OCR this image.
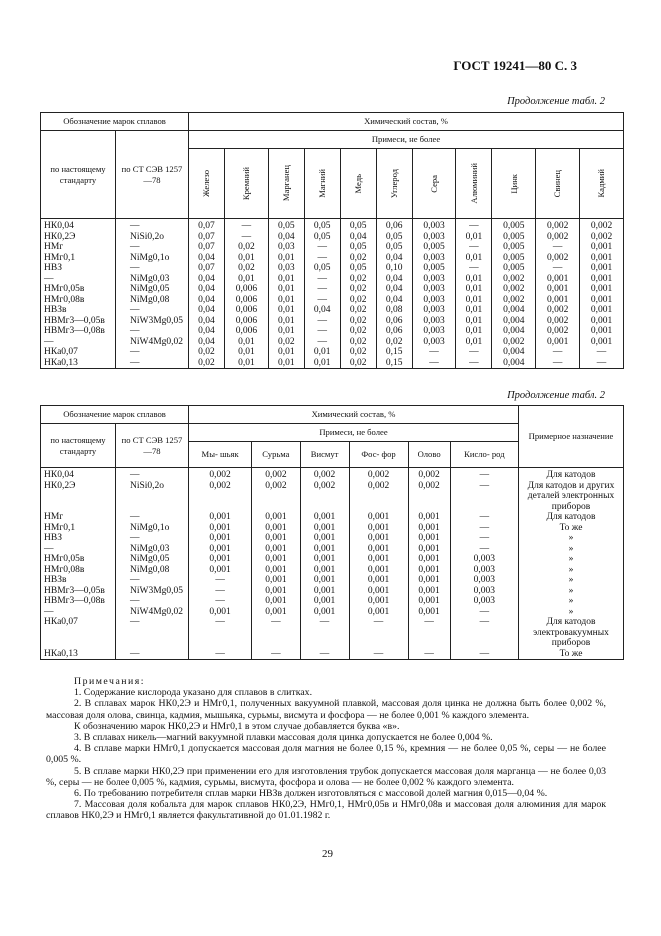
ГОСТ 19241—80 С. 3
Продолжение табл. 2
Обозначение марок сплавов		Химический состав, %										
по настоящему стандарту	по СТ СЭВ 1257—78	Примеси, не более										

		Железо	Кремний	Марганец	Магний	Медь	Углерод	Сера	Алюминий	Цинк	Свинец	Кадмий

НК0,04	—	0,07	—	0,05	0,05	0,05	0,06	0,003	—	0,005	0,002	0,002
НК0,2Э	NiSi0,2o	0,07	—	0,04	0,05	0,04	0,05	0,003	0,01	0,005	0,002	0,002
НМг	—	0,07	0,02	0,03	—	0,05	0,05	0,005	—	0,005	—	0,001
НМг0,1	NiMg0,1o	0,04	0,01	0,01	—	0,02	0,04	0,003	0,01	0,005	0,002	0,001
НВЗ	—	0,07	0,02	0,03	0,05	0,05	0,10	0,005	—	0,005	—	0,001
—	NiMg0,03	0,04	0,01	0,01	—	0,02	0,04	0,003	0,01	0,002	0,001	0,001
НМг0,05в	NiMg0,05	0,04	0,006	0,01	—	0,02	0,04	0,003	0,01	0,002	0,001	0,001
НМг0,08в	NiMg0,08	0,04	0,006	0,01	—	0,02	0,04	0,003	0,01	0,002	0,001	0,001
НВЗв	—	0,04	0,006	0,01	0,04	0,02	0,08	0,003	0,01	0,004	0,002	0,001
НВМг3—0,05в	NiW3Mg0,05	0,04	0,006	0,01	—	0,02	0,06	0,003	0,01	0,004	0,002	0,001
НВМг3—0,08в	—	0,04	0,006	0,01	—	0,02	0,06	0,003	0,01	0,004	0,002	0,001
—	NiW4Mg0,02	0,04	0,01	0,02	—	0,02	0,02	0,003	0,01	0,002	0,001	0,001
НКа0,07	—	0,02	0,01	0,01	0,01	0,02	0,15	—	—	0,004	—	—
НКа0,13	—	0,02	0,01	0,01	0,01	0,02	0,15	—	—	0,004	—	—
Продолжение табл. 2
Обозначение марок сплавов		Химический состав, %						Примерное назначение
по настоящему стандарту	по СТ СЭВ 1257—78	Примеси, не более						
		Мы- шьяк	Сурьма	Висмут	Фос- фор	Олово	Кисло- род	
НК0,04	—	0,002	0,002	0,002	0,002	0,002	—	Для катодов
НК0,2Э	NiSi0,2o	0,002	0,002	0,002	0,002	0,002	—	Для катодов и других деталей электронных приборов
НМг	—	0,001	0,001	0,001	0,001	0,001	—	Для катодов
НМг0,1	NiMg0,1o	0,001	0,001	0,001	0,001	0,001	—	То же
НВЗ	—	0,001	0,001	0,001	0,001	0,001	—	»
—	NiMg0,03	0,001	0,001	0,001	0,001	0,001	—	»
НМг0,05в	NiMg0,05	0,001	0,001	0,001	0,001	0,001	0,003	»
НМг0,08в	NiMg0,08	0,001	0,001	0,001	0,001	0,001	0,003	»
НВЗв	—	—	0,001	0,001	0,001	0,001	0,003	»
НВМг3—0,05в	NiW3Mg0,05	—	0,001	0,001	0,001	0,001	0,003	»
НВМг3—0,08в	—	—	0,001	0,001	0,001	0,001	0,003	»
—	NiW4Mg0,02	0,001	0,001	0,001	0,001	0,001	—	»
НКа0,07	—	—	—	—	—	—	—	Для катодов электровакуумных приборов
НКа0,13	—	—	—	—	—	—	—	То же

Примечания:

1. Содержание кислорода указано для сплавов в слитках.

2. В сплавах марок НК0,2Э и НМг0,1, полученных вакуумной плавкой, массовая доля цинка не должна быть более 0,002 %, массовая доля олова, свинца, кадмия, мышьяка, сурьмы, висмута и фосфора — не более 0,001 % каждого элемента.

К обозначению марок НК0,2Э и НМг0,1 в этом случае добавляется буква «в».

3. В сплавах никель—магний вакуумной плавки массовая доля цинка допускается не более 0,004 %.

4. В сплаве марки НМг0,1 допускается массовая доля магния не более 0,15 %, кремния — не более 0,05 %, серы — не более 0,005 %.

5. В сплаве марки НК0,2Э при применении его для изготовления трубок допускается массовая доля марганца — не более 0,03 %, серы — не более 0,005 %, кадмия, сурьмы, висмута, фосфора и олова — не более 0,002 % каждого элемента.

6. По требованию потребителя сплав марки НВЗв должен изготовляться с массовой долей магния 0,015—0,04 %.

7. Массовая доля кобальта для марок сплавов НК0,2Э, НМг0,1, НМг0,05в и НМг0,08в и массовая доля алюминия для марок сплавов НК0,2Э и НМг0,1 является факультативной до 01.01.1982 г.

29
